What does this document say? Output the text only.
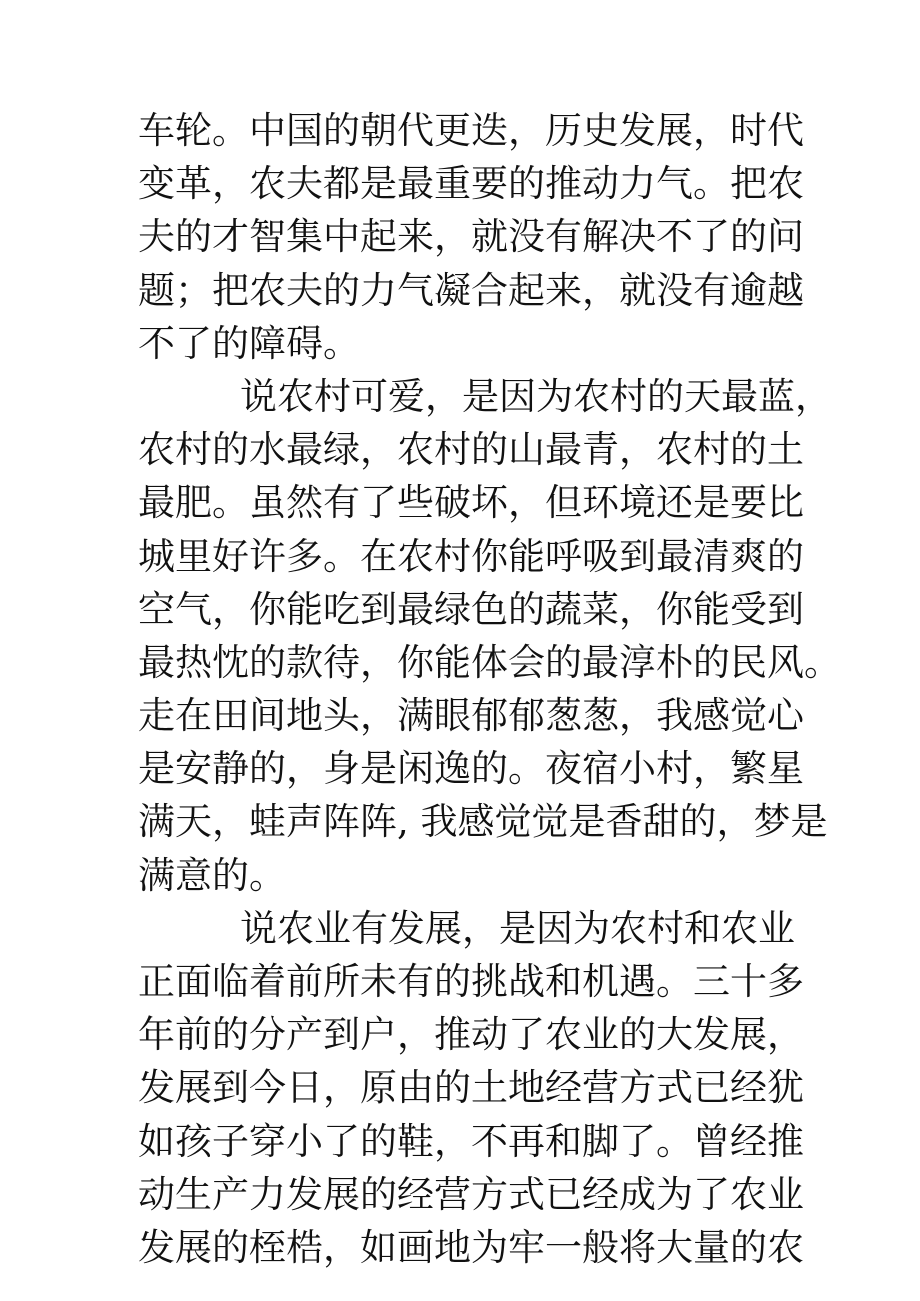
车轮。中国的朝代更迭，历史发展，时代
变革，农夫都是最重要的推动力气。把农
夫的才智集中起来，就没有解决不了的问
题；把农夫的力气凝合起来，就没有逾越
不了的障碍。
说农村可爱，是因为农村的天最蓝，
农村的水最绿，农村的山最青，农村的土
最肥。虽然有了些破坏，但环境还是要比
城里好许多。在农村你能呼吸到最清爽的
空气，你能吃到最绿色的蔬菜，你能受到
最热忱的款待，你能体会的最淳朴的民风。
走在田间地头，满眼郁郁葱葱，我感觉心
是安静的，身是闲逸的。夜宿小村，繁星
满天，蛙声阵阵, 我感觉觉是香甜的，梦是
满意的。
说农业有发展，是因为农村和农业
正面临着前所未有的挑战和机遇。三十多
年前的分产到户，推动了农业的大发展，
发展到今日，原由的土地经营方式已经犹
如孩子穿小了的鞋，不再和脚了。曾经推
动生产力发展的经营方式已经成为了农业
发展的桎梏，如画地为牢一般将大量的农
